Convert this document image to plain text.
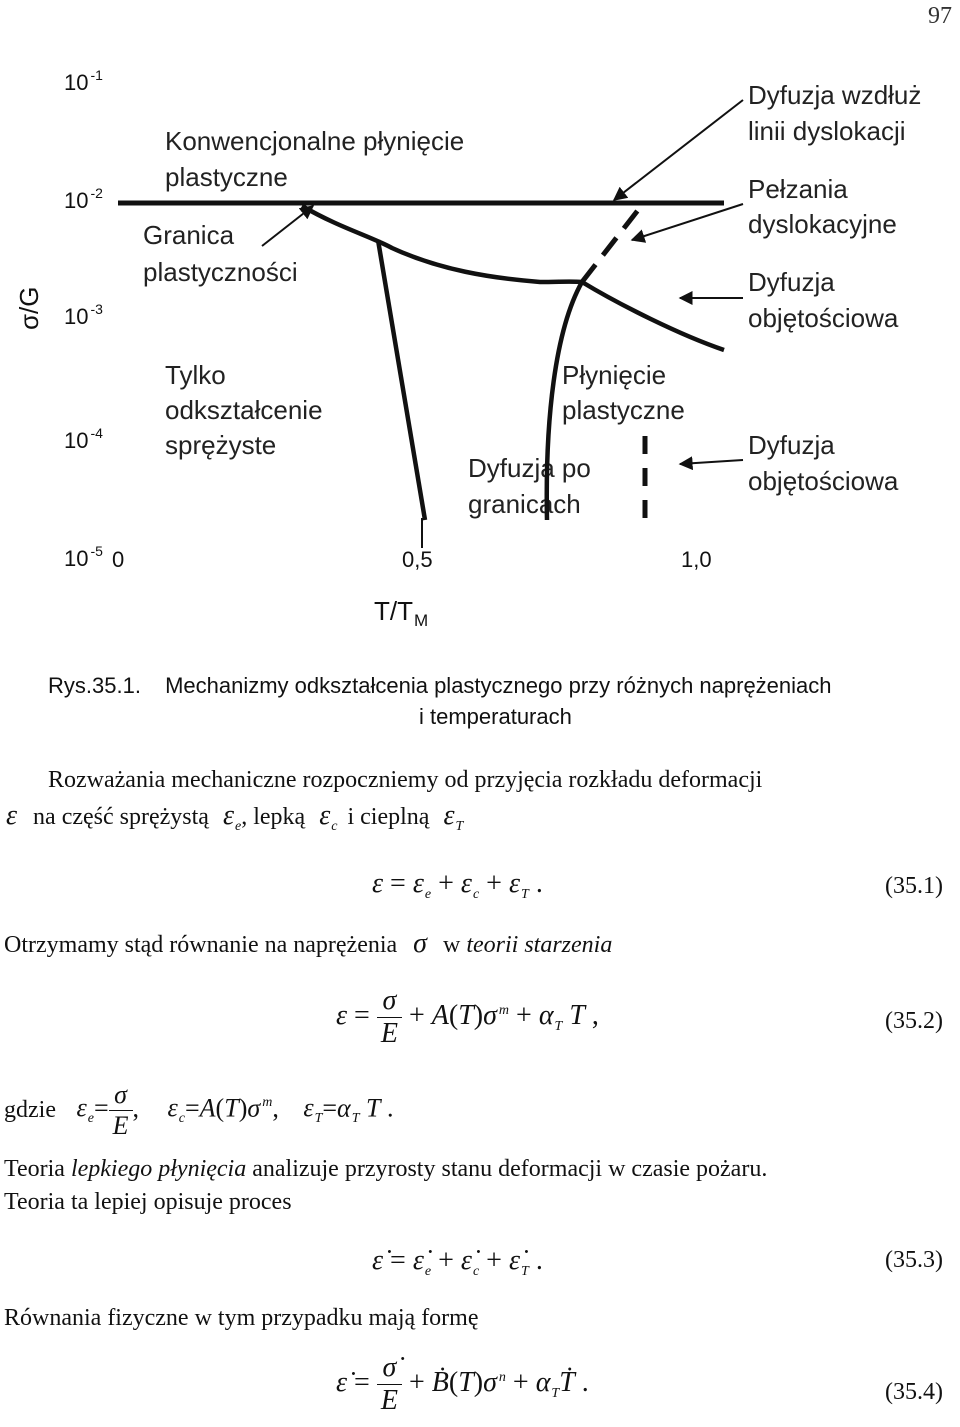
97
σ/G
10 $^{-1}$
10 $^{-2}$
10 $^{-3}$
10 $^{-4}$
10 $^{-5}$ 0	0,5	1,0
$T/T_M$
Konwencjonalne płynięcie
plastyczne
Granica
plastyczności
Tylko
odkształcenie
sprężyste
Płynięcie
plastyczne
Dyfuzja po
granicach
Dyfuzja wzdłuż
linii dyslokacji
Pełzania
dyslokacyjne
Dyfuzja
objętościowa
Dyfuzja
objętościowa
Rys.35.1. Mechanizmy odkształcenia plastycznego przy różnych naprężeniach
i temperaturach
Rozważania mechaniczne rozpoczniemy od przyjęcia rozkładu deformacji
ε na część sprężystą $\varepsilon_e$, lepką $\varepsilon_c$ i cieplną $\varepsilon_T$
$\varepsilon = \varepsilon_e + \varepsilon_c + \varepsilon_T$ .	(35.1)
Otrzymamy stąd równanie na naprężenia σ w teorii starzenia
$\varepsilon = \frac{\sigma}{E} + A(T)\sigma$ $^m + \alpha_T$ T ,	(35.2)
gdzie $\varepsilon_e= \frac{\sigma}{E}$ , $\varepsilon_c=A(T)\sigma$ $^m$, $\varepsilon_T=\alpha_T$ T .
Teoria lepkiego płynięcia analizuje przyrosty stanu deformacji w czasie pożaru.
Teoria ta lepiej opisuje proces
ε̇ = $\varepsiloṅ_e$ + $\varepsiloṅ_c$ + $\varepsiloṅ_T$ .	(35.3)
Równania fizyczne w tym przypadku mają formę
ε̇ = $\frac{\sigmȧ}{E}$ + Ḃ(T)σ $^n + \alpha_TṪ$ .	(35.4)
